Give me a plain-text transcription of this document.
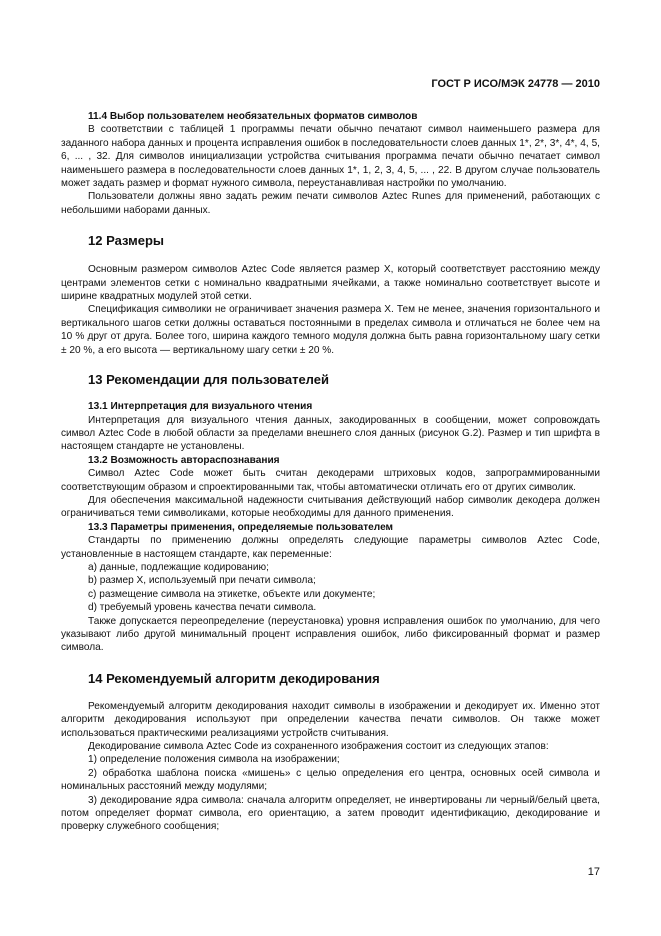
ГОСТ Р ИСО/МЭК 24778 — 2010

11.4 Выбор пользователем необязательных форматов символов

В соответствии с таблицей 1 программы печати обычно печатают символ наименьшего размера для заданного набора данных и процента исправления ошибок в последовательности слоев данных 1*, 2*, 3*, 4*, 4, 5, 6, ... , 32. Для символов инициализации устройства считывания программа печати обычно печатает символ наименьшего размера в последовательности слоев данных 1*, 1, 2, 3, 4, 5, ... , 22. В другом случае пользователь может задать размер и формат нужного символа, переустанавливая настройки по умолчанию.

Пользователи должны явно задать режим печати символов Aztec Runes для применений, работающих с небольшими наборами данных.

12 Размеры

Основным размером символов Aztec Code является размер X, который соответствует расстоянию между центрами элементов сетки с номинально квадратными ячейками, а также номинально соответствует высоте и ширине квадратных модулей этой сетки.

Спецификация символики не ограничивает значения размера X. Тем не менее, значения горизонтального и вертикального шагов сетки должны оставаться постоянными в пределах символа и отличаться не более чем на 10 % друг от друга. Более того, ширина каждого темного модуля должна быть равна горизонтальному шагу сетки ± 20 %, а его высота — вертикальному шагу сетки ± 20 %.

13 Рекомендации для пользователей

13.1 Интерпретация для визуального чтения

Интерпретация для визуального чтения данных, закодированных в сообщении, может сопровождать символ Aztec Code в любой области за пределами внешнего слоя данных (рисунок G.2). Размер и тип шрифта в настоящем стандарте не установлены.

13.2 Возможность автораспознавания

Символ Aztec Code может быть считан декодерами штриховых кодов, запрограммированными соответствующим образом и спроектированными так, чтобы автоматически отличать его от других символик.

Для обеспечения максимальной надежности считывания действующий набор символик декодера должен ограничиваться теми символиками, которые необходимы для данного применения.

13.3 Параметры применения, определяемые пользователем

Стандарты по применению должны определять следующие параметры символов Aztec Code, установленные в настоящем стандарте, как переменные:

a) данные, подлежащие кодированию;

b) размер X, используемый при печати символа;

c) размещение символа на этикетке, объекте или документе;

d) требуемый уровень качества печати символа.

Также допускается переопределение (переустановка) уровня исправления ошибок по умолчанию, для чего указывают либо другой минимальный процент исправления ошибок, либо фиксированный формат и размер символа.

14 Рекомендуемый алгоритм декодирования

Рекомендуемый алгоритм декодирования находит символы в изображении и декодирует их. Именно этот алгоритм декодирования используют при определении качества печати символов. Он также может использоваться практическими реализациями устройств считывания.

Декодирование символа Aztec Code из сохраненного изображения состоит из следующих этапов:

1) определение положения символа на изображении;

2) обработка шаблона поиска «мишень» с целью определения его центра, основных осей символа и номинальных расстояний между модулями;

3) декодирование ядра символа: сначала алгоритм определяет, не инвертированы ли черный/белый цвета, потом определяет формат символа, его ориентацию, а затем проводит идентификацию, декодирование и проверку служебного сообщения;

17
